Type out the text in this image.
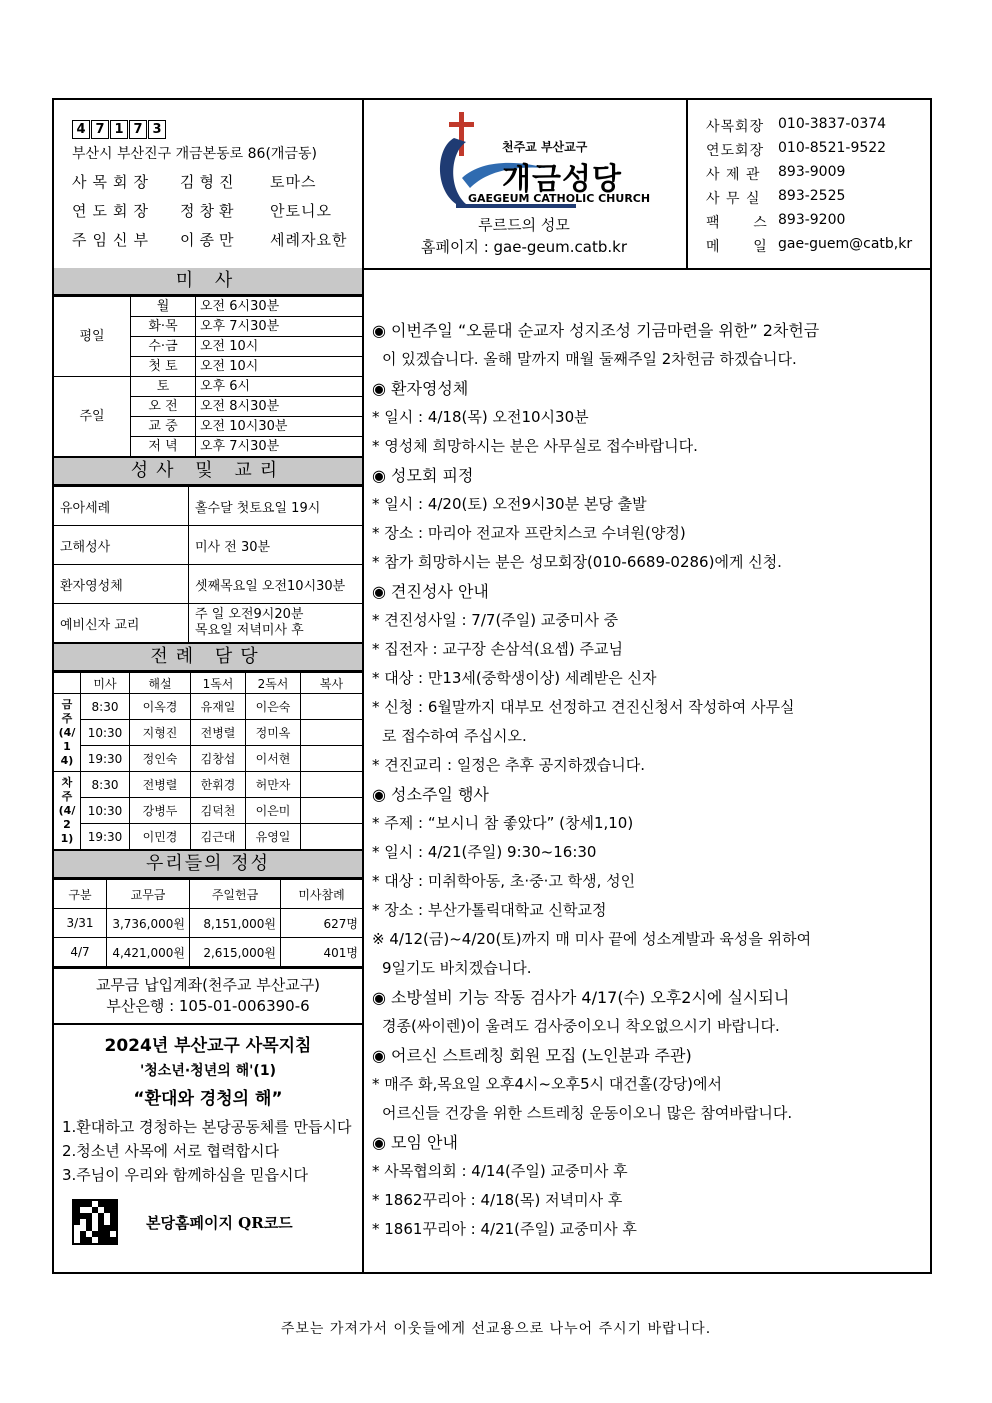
4 7 1 7 3
부산시 부산진구 개금본동로 86(개금동)
사목회장	김형진	토마스
연도회장	정창환	안토니오
주임신부	이종만	세례자요한
천주교 부산교구
개금성당
GAEGEUM CATHOLIC CHURCH
루르드의 성모
홈페이지 : gae-geum.catb.kr
사목회장 010-3837-0374
연도회장 010-8521-9522
사 제 관	893-9009
사 무 실	893-2525
팩      스 893-9200
메      일 gae-guem@catb,kr
미 사
평일	월	오전 6시30분
	화·목	오후 7시30분
	수·금	오전 10시
	첫 토	오전 10시
주일	토	오후 6시
	오 전	오전 8시30분
	교 중	오전 10시30분
	저 녁	오후 7시30분
성사 및 교리
유아세례	홀수달 첫토요일 19시
고해성사	미사 전 30분
환자영성체	셋째목요일 오전10시30분
예비신자 교리	주 일 오전9시20분
목요일 저녁미사 후
전례 담당
	미사	해설	1독서	2독서	복사
금주(4/14)	8:30	이옥경	유재일	이은숙	
	10:30	지형진	전병렬	정미옥	
	19:30	정인숙	김창섭	이서현	
차주(4/21)	8:30	전병렬	한휘경	허만자	
	10:30	강병두	김덕천	이은미	
	19:30	이민경	김근대	유영일	
우리들의 정성
구분	교무금	주일헌금	미사참례
3/31	3,736,000원	8,151,000원	627명
4/7	4,421,000원	2,615,000원	401명
교무금 납입계좌(천주교 부산교구)
부산은행 : 105-01-006390-6
2024년 부산교구 사목지침
'청소년·청년의 해'(1)
“환대와 경청의 해”
1.환대하고 경청하는 본당공동체를 만듭시다
2.청소년 사목에 서로 협력합시다
3.주님이 우리와 함께하심을 믿읍시다
본당홈페이지 QR코드
◉ 이번주일 “오륜대 순교자 성지조성 기금마련을 위한” 2차헌금
이 있겠습니다. 올해 말까지 매월 둘째주일 2차헌금 하겠습니다.
◉ 환자영성체
* 일시 : 4/18(목) 오전10시30분
* 영성체 희망하시는 분은 사무실로 접수바랍니다.
◉ 성모회 피정
* 일시 : 4/20(토) 오전9시30분 본당 출발
* 장소 : 마리아 전교자 프란치스코 수녀원(양정)
* 참가 희망하시는 분은 성모회장(010-6689-0286)에게 신청.
◉ 견진성사 안내
* 견진성사일 : 7/7(주일) 교중미사 중
* 집전자 : 교구장 손삼석(요셉) 주교님
* 대상 : 만13세(중학생이상) 세례받은 신자
* 신청 : 6월말까지 대부모 선정하고 견진신청서 작성하여 사무실
로 접수하여 주십시오.
* 견진교리 : 일정은 추후 공지하겠습니다.
◉ 성소주일 행사
* 주제 : “보시니 참 좋았다” (창세1,10)
* 일시 : 4/21(주일) 9:30~16:30
* 대상 : 미취학아동, 초·중·고 학생, 성인
* 장소 : 부산가톨릭대학교 신학교정
※ 4/12(금)~4/20(토)까지 매 미사 끝에 성소계발과 육성을 위하여
9일기도 바치겠습니다.
◉ 소방설비 기능 작동 검사가 4/17(수) 오후2시에 실시되니
경종(싸이렌)이 울려도 검사중이오니 착오없으시기 바랍니다.
◉ 어르신 스트레칭 회원 모집 (노인분과 주관)
* 매주 화,목요일 오후4시~오후5시 대건홀(강당)에서
어르신들 건강을 위한 스트레칭 운동이오니 많은 참여바랍니다.
◉ 모임 안내
* 사목협의회 : 4/14(주일) 교중미사 후
* 1862꾸리아 : 4/18(목) 저녁미사 후
* 1861꾸리아 : 4/21(주일) 교중미사 후
주보는 가져가서 이웃들에게 선교용으로 나누어 주시기 바랍니다.
